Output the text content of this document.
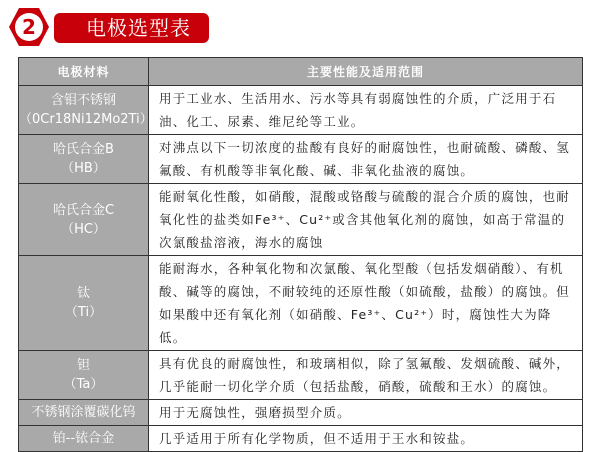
2	电极选型表
电极材料	主要性能及适用范围

含钼不锈钢
（0Cr18Ni12Mo2Ti）	用于工业水、生活用水、污水等具有弱腐蚀性的介质，广泛用于石油、化工、尿素、维尼纶等工业。

哈氏合金B
（HB）	对沸点以下一切浓度的盐酸有良好的耐腐蚀性，也耐硫酸、磷酸、氢氟酸、有机酸等非氧化酸、碱、非氧化盐液的腐蚀。

哈氏合金C
（HC）	能耐氧化性酸，如硝酸，混酸或铬酸与硫酸的混合介质的腐蚀，也耐氧化性的盐类如Fe³⁺、Cu²⁺或含其他氧化剂的腐蚀，如高于常温的次氯酸盐溶液，海水的腐蚀

钛
（Ti）	能耐海水，各种氧化物和次氯酸、氧化型酸（包括发烟硝酸）、有机酸、碱等的腐蚀，不耐较纯的还原性酸（如硫酸，盐酸）的腐蚀。但如果酸中还有氧化剂（如硝酸、Fe³⁺、Cu²⁺）时，腐蚀性大为降低。

钽
（Ta）	具有优良的耐腐蚀性，和玻璃相似，除了氢氟酸、发烟硫酸、碱外，几乎能耐一切化学介质（包括盐酸，硝酸，硫酸和王水）的腐蚀。
不锈钢涂覆碳化钨	用于无腐蚀性，强磨损型介质。
铂--铱合金	几乎适用于所有化学物质，但不适用于王水和铵盐。
